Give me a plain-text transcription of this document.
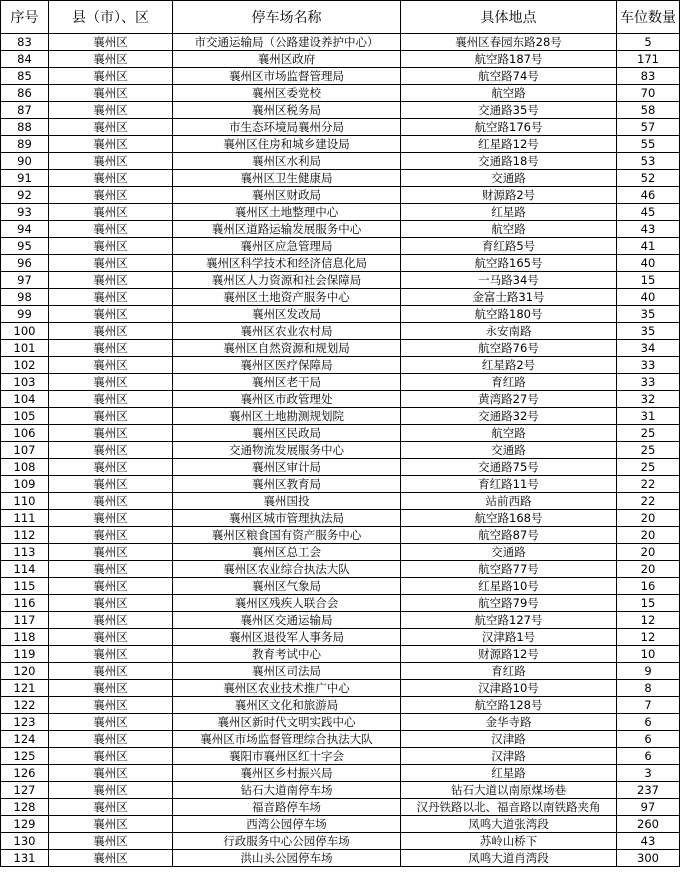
序号	县（市）、区	停车场名称	具体地点	车位数量
83	襄州区	市交通运输局（公路建设养护中心）	襄州区春园东路28号	5
84	襄州区	襄州区政府	航空路187号	171
85	襄州区	襄州区市场监督管理局	航空路74号	83
86	襄州区	襄州区委党校	航空路	70
87	襄州区	襄州区税务局	交通路35号	58
88	襄州区	市生态环境局襄州分局	航空路176号	57
89	襄州区	襄州区住房和城乡建设局	红星路12号	55
90	襄州区	襄州区水利局	交通路18号	53
91	襄州区	襄州区卫生健康局	交通路	52
92	襄州区	襄州区财政局	财源路2号	46
93	襄州区	襄州区土地整理中心	红星路	45
94	襄州区	襄州区道路运输发展服务中心	航空路	43
95	襄州区	襄州区应急管理局	育红路5号	41
96	襄州区	襄州区科学技术和经济信息化局	航空路165号	40
97	襄州区	襄州区人力资源和社会保障局	一马路34号	15
98	襄州区	襄州区土地资产服务中心	金富士路31号	40
99	襄州区	襄州区发改局	航空路180号	35
100	襄州区	襄州区农业农村局	永安南路	35
101	襄州区	襄州区自然资源和规划局	航空路76号	34
102	襄州区	襄州区医疗保障局	红星路2号	33
103	襄州区	襄州区老干局	育红路	33
104	襄州区	襄州区市政管理处	黄湾路27号	32
105	襄州区	襄州区土地勘测规划院	交通路32号	31
106	襄州区	襄州区民政局	航空路	25
107	襄州区	交通物流发展服务中心	交通路	25
108	襄州区	襄州区审计局	交通路75号	25
109	襄州区	襄州区教育局	育红路11号	22
110	襄州区	襄州国投	站前西路	22
111	襄州区	襄州区城市管理执法局	航空路168号	20
112	襄州区	襄州区粮食国有资产服务中心	航空路87号	20
113	襄州区	襄州区总工会	交通路	20
114	襄州区	襄州区农业综合执法大队	航空路77号	20
115	襄州区	襄州区气象局	红星路10号	16
116	襄州区	襄州区残疾人联合会	航空路79号	15
117	襄州区	襄州区交通运输局	航空路127号	12
118	襄州区	襄州区退役军人事务局	汉津路1号	12
119	襄州区	教育考试中心	财源路12号	10
120	襄州区	襄州区司法局	育红路	9
121	襄州区	襄州区农业技术推广中心	汉津路10号	8
122	襄州区	襄州区文化和旅游局	航空路128号	7
123	襄州区	襄州区新时代文明实践中心	金华寺路	6
124	襄州区	襄州区市场监督管理综合执法大队	汉津路	6
125	襄州区	襄阳市襄州区红十字会	汉津路	6
126	襄州区	襄州区乡村振兴局	红星路	3
127	襄州区	钻石大道南停车场	钻石大道以南原煤场巷	237
128	襄州区	福音路停车场	汉丹铁路以北、福音路以南铁路夹角	97
129	襄州区	西湾公园停车场	凤鸣大道张湾段	260
130	襄州区	行政服务中心公园停车场	苏岭山桥下	43
131	襄州区	洪山头公园停车场	凤鸣大道肖湾段	300
